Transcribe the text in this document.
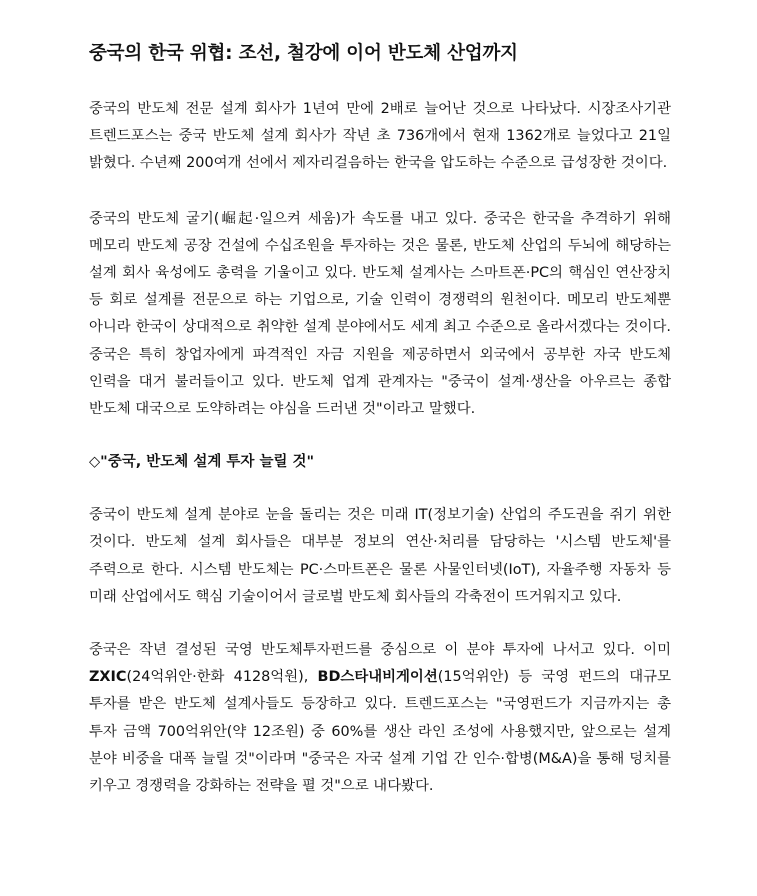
중국의 한국 위협: 조선, 철강에 이어 반도체 산업까지

중국의 반도체 전문 설계 회사가 1년여 만에 2배로 늘어난 것으로 나타났다. 시장조사기관 트렌드포스는 중국 반도체 설계 회사가 작년 초 736개에서 현재 1362개로 늘었다고 21일 밝혔다. 수년째 200여개 선에서 제자리걸음하는 한국을 압도하는 수준으로 급성장한 것이다.

중국의 반도체 굴기(崛起·일으켜 세움)가 속도를 내고 있다. 중국은 한국을 추격하기 위해 메모리 반도체 공장 건설에 수십조원을 투자하는 것은 물론, 반도체 산업의 두뇌에 해당하는 설계 회사 육성에도 총력을 기울이고 있다. 반도체 설계사는 스마트폰·PC의 핵심인 연산장치 등 회로 설계를 전문으로 하는 기업으로, 기술 인력이 경쟁력의 원천이다. 메모리 반도체뿐 아니라 한국이 상대적으로 취약한 설계 분야에서도 세계 최고 수준으로 올라서겠다는 것이다. 중국은 특히 창업자에게 파격적인 자금 지원을 제공하면서 외국에서 공부한 자국 반도체 인력을 대거 불러들이고 있다. 반도체 업계 관계자는 "중국이 설계·생산을 아우르는 종합 반도체 대국으로 도약하려는 야심을 드러낸 것"이라고 말했다.

◇"중국, 반도체 설계 투자 늘릴 것"

중국이 반도체 설계 분야로 눈을 돌리는 것은 미래 IT(정보기술) 산업의 주도권을 쥐기 위한 것이다. 반도체 설계 회사들은 대부분 정보의 연산·처리를 담당하는 '시스템 반도체'를 주력으로 한다. 시스템 반도체는 PC·스마트폰은 물론 사물인터넷(IoT), 자율주행 자동차 등 미래 산업에서도 핵심 기술이어서 글로벌 반도체 회사들의 각축전이 뜨거워지고 있다.

중국은 작년 결성된 국영 반도체투자펀드를 중심으로 이 분야 투자에 나서고 있다. 이미 ZXIC(24억위안·한화 4128억원), BD스타내비게이션(15억위안) 등 국영 펀드의 대규모 투자를 받은 반도체 설계사들도 등장하고 있다. 트렌드포스는 "국영펀드가 지금까지는 총 투자 금액 700억위안(약 12조원) 중 60%를 생산 라인 조성에 사용했지만, 앞으로는 설계 분야 비중을 대폭 늘릴 것"이라며 "중국은 자국 설계 기업 간 인수·합병(M&A)을 통해 덩치를 키우고 경쟁력을 강화하는 전략을 펼 것"으로 내다봤다.
